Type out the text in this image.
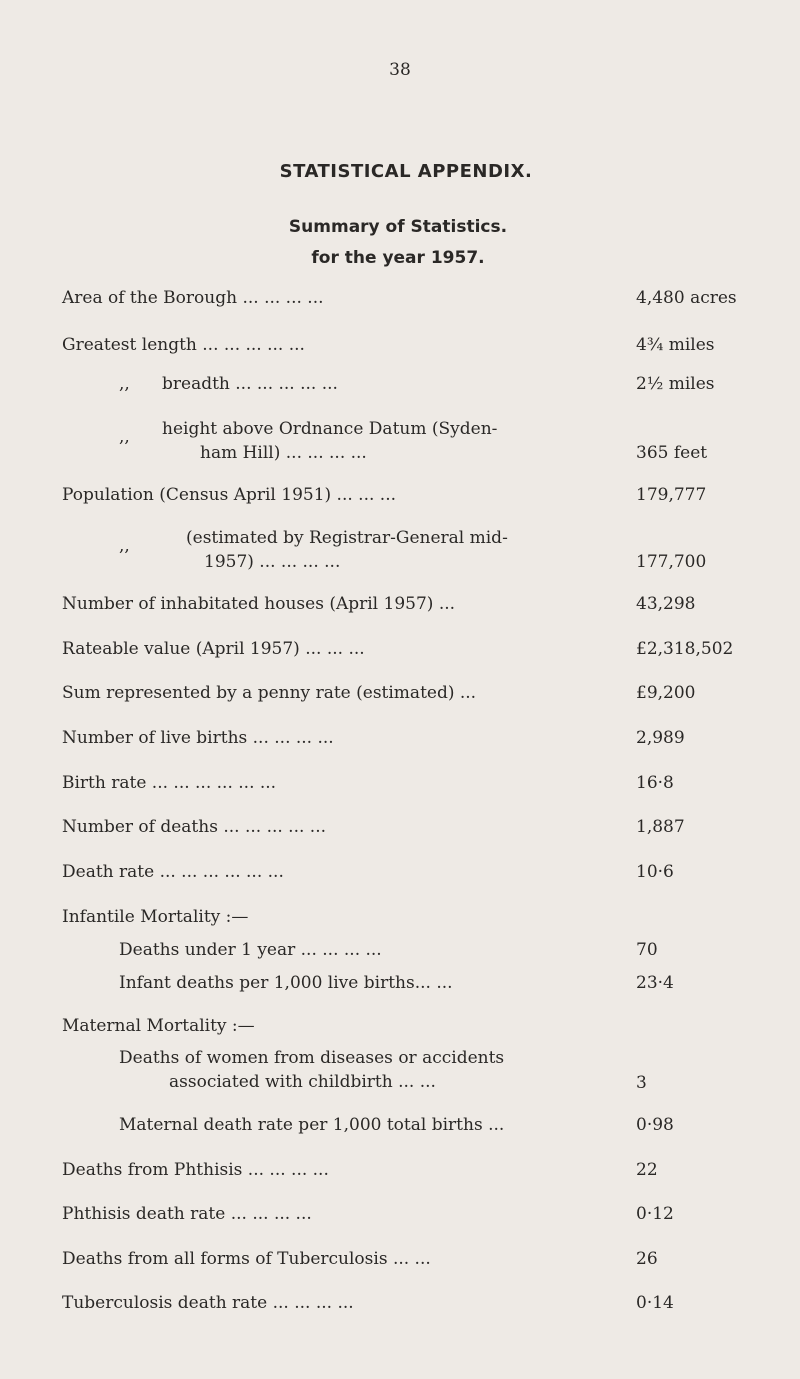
38
STATISTICAL APPENDIX.
Summary of Statistics.
for the year 1957.
Area of the Borough ... ... ... ...	4,480 acres
Greatest length ... ... ... ... ...	4¾ miles
,, breadth ... ... ... ... ...	2½ miles
,, height above Ordnance Datum (Syden-
ham Hill) ... ... ... ...	365 feet
Population (Census April 1951) ... ... ...	179,777
,,	(estimated by Registrar-General mid-
1957) ... ... ... ...	177,700
Number of inhabitated houses (April 1957) ...	43,298
Rateable value (April 1957) ... ... ...	£2,318,502
Sum represented by a penny rate (estimated) ...	£9,200
Number of live births ... ... ... ...	2,989
Birth rate ... ... ... ... ... ...	16·8
Number of deaths ... ... ... ... ...	1,887
Death rate ... ... ... ... ... ...	10·6
Infantile Mortality :—
Deaths under 1 year ... ... ... ...	70
Infant deaths per 1,000 live births... ...	23·4
Maternal Mortality :—
Deaths of women from diseases or accidents
associated with childbirth ... ...	3
Maternal death rate per 1,000 total births ...	0·98
Deaths from Phthisis ... ... ... ...	22
Phthisis death rate ... ... ... ...	0·12
Deaths from all forms of Tuberculosis ... ...	26
Tuberculosis death rate ... ... ... ...	0·14
